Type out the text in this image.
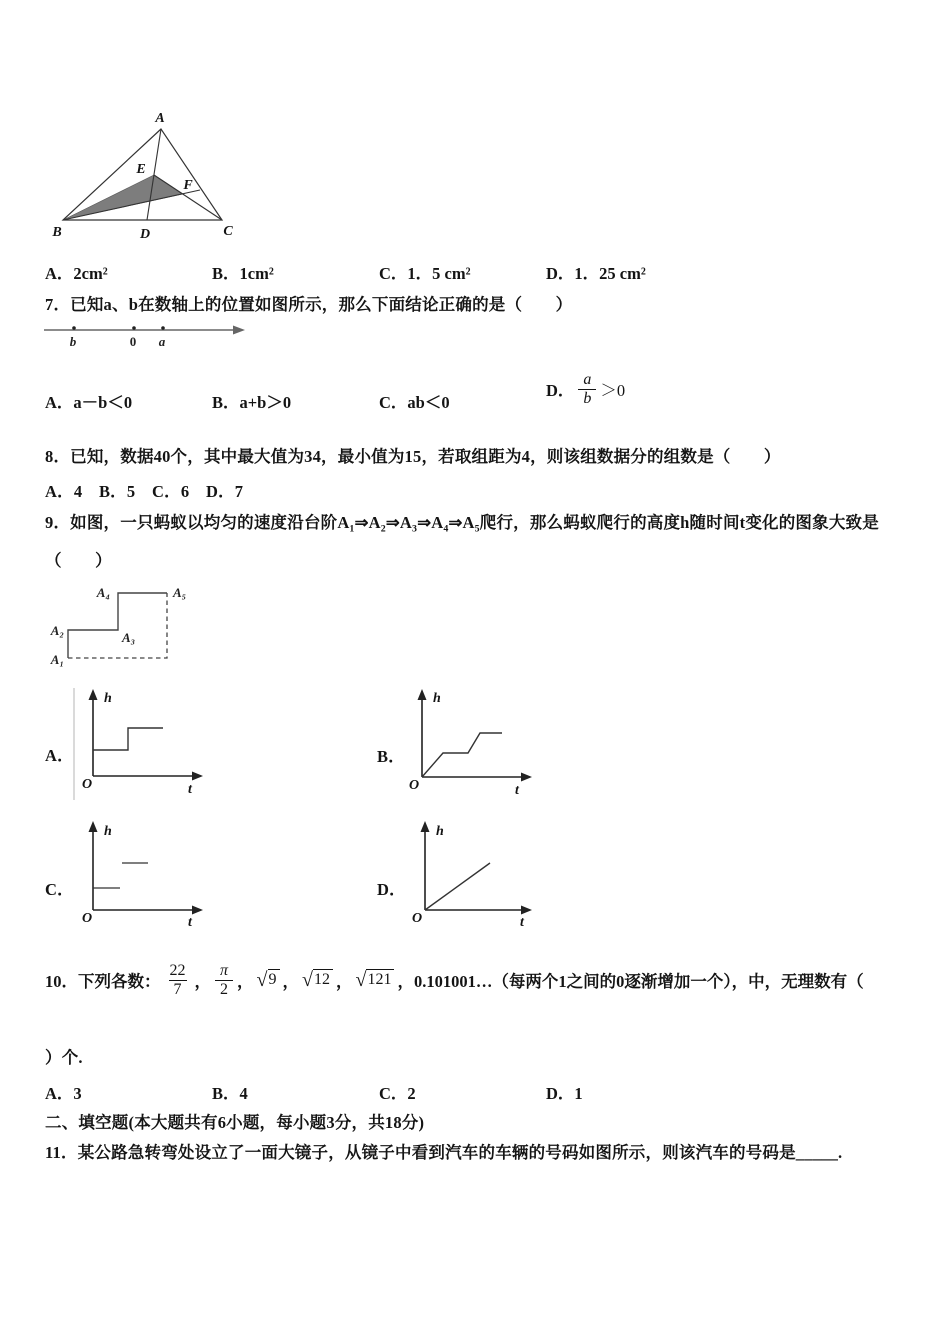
A
B	C
D
E
F
A．2cm²	B．1cm²	C．1．5 cm²	D．1．25 cm²
7．已知a、b在数轴上的位置如图所示，那么下面结论正确的是（　　）
b	0 a
A．a－b＜0	B．a+b＞0	C．ab＜0
D． $\frac{a}{b} >0$
8．已知，数据40个，其中最大值为34，最小值为15，若取组距为4，则该组数据分的组数是（　　）
A．4　B．5　C．6　D．7
9．如图，一只蚂蚁以均匀的速度沿台阶A₁⇒A₂⇒A₃⇒A₄⇒A₅爬行，那么蚂蚁爬行的高度h随时间t变化的图象大致是
（　　）
A₄	A₅
A₂	A₃
A₁
A．
h
O	t
B．
h
O	t
C．
h
O	t
D．
h
O	t
10．下列各数： $\frac{22}{7}$ ， $\frac{\pi}{2}$ ， √ 9 ， √ 12 ， √ 121 ，0.101001…（每两个1之间的0逐渐增加一个），中，无理数有（
）个.
A．3	B．4	C．2	D．1
二、填空题(本大题共有6小题，每小题3分，共18分)
11．某公路急转弯处设立了一面大镜子，从镜子中看到汽车的车辆的号码如图所示，则该汽车的号码是_____.
